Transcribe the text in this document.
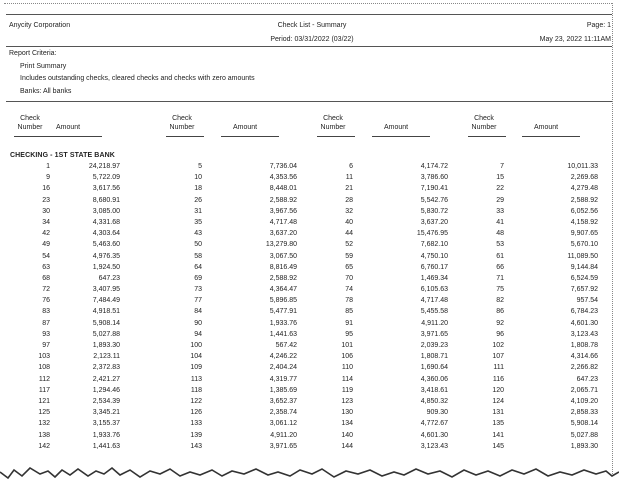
Anycity Corporation	Check List - Summary
Period: 03/31/2022 (03/22)
Page: 1
May 23, 2022 11:11AM
Report Criteria:
Print Summary
Includes outstanding checks, cleared checks and checks with zero amounts
Banks: All banks
Check
Number	Amount
Check
Number	Amount
Check
Number	Amount
Check
Number	Amount
CHECKING - 1ST STATE BANK
1	24,218.97	5	7,736.04	6	4,174.72	7	10,011.33
9	5,722.09	10	4,353.56	11	3,786.60	15	2,269.68
16	3,617.56	18	8,448.01	21	7,190.41	22	4,279.48
23	8,680.91	26	2,588.92	28	5,542.76	29	2,588.92
30	3,085.00	31	3,967.56	32	5,830.72	33	6,052.56
34	4,331.68	35	4,717.48	40	3,637.20	41	4,158.92
42	4,303.64	43	3,637.20	44	15,476.95	48	9,907.65
49	5,463.60	50	13,279.80	52	7,682.10	53	5,670.10
54	4,976.35	58	3,067.50	59	4,750.10	61	11,089.50
63	1,924.50	64	8,816.49	65	6,760.17	66	9,144.84
68	647.23	69	2,588.92	70	1,469.34	71	6,524.59
72	3,407.95	73	4,364.47	74	6,105.63	75	7,657.92
76	7,484.49	77	5,896.85	78	4,717.48	82	957.54
83	4,918.51	84	5,477.91	85	5,455.58	86	6,784.23
87	5,908.14	90	1,933.76	91	4,911.20	92	4,601.30
93	5,027.88	94	1,441.63	95	3,971.65	96	3,123.43
97	1,893.30	100	567.42	101	2,039.23	102	1,808.78
103	2,123.11	104	4,246.22	106	1,808.71	107	4,314.66
108	2,372.83	109	2,404.24	110	1,690.64	111	2,266.82
112	2,421.27	113	4,319.77	114	4,360.06	116	647.23
117	1,294.46	118	1,385.69	119	3,418.61	120	2,065.71
121	2,534.39	122	3,652.37	123	4,850.32	124	4,109.20
125	3,345.21	126	2,358.74	130	909.30	131	2,858.33
132	3,155.37	133	3,061.12	134	4,772.67	135	5,908.14
138	1,933.76	139	4,911.20	140	4,601.30	141	5,027.88
142	1,441.63	143	3,971.65	144	3,123.43	145	1,893.30
